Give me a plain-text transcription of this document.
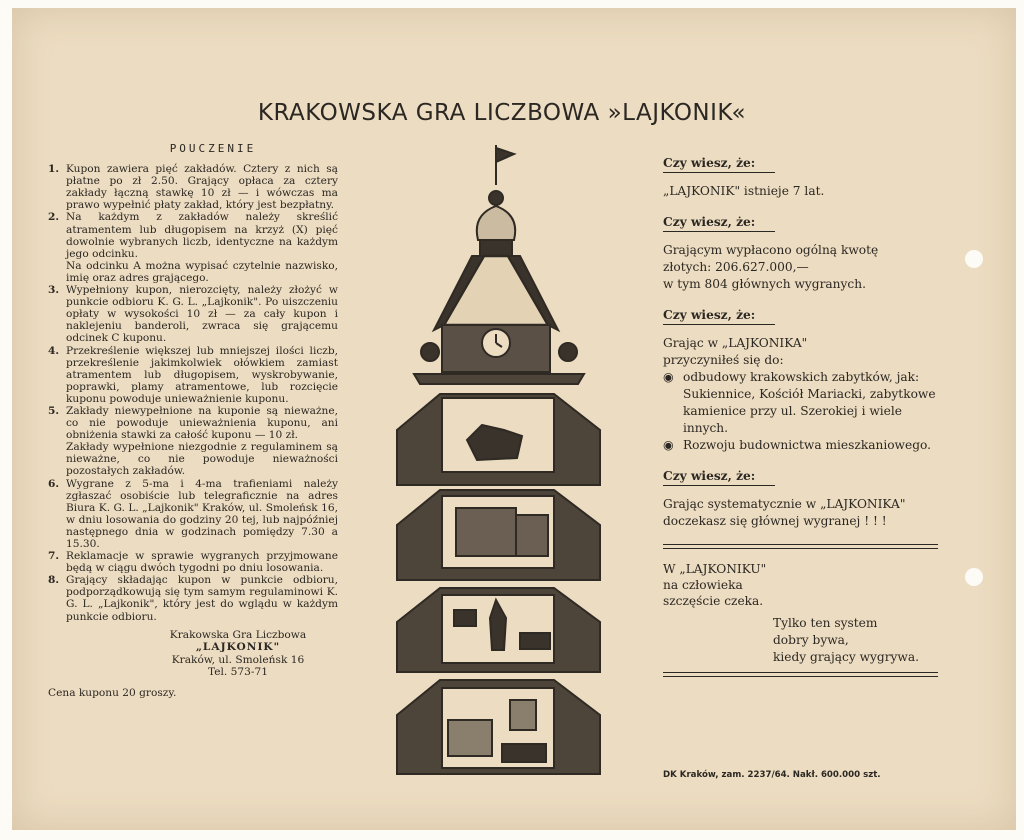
KRAKOWSKA GRA LICZBOWA »LAJKONIK«
POUCZENIE
1. Kupon zawiera pięć zakładów. Cztery z nich są płatne po zł 2.50. Grający opłaca za cztery zakłady łączną stawkę 10 zł — i wówczas ma prawo wypełnić płaty zakład, który jest bezpłatny.

2. Na każdym z zakładów należy skreślić atramentem lub długopisem na krzyż (X) pięć dowolnie wybranych liczb, identyczne na każdym jego odcinku.

Na odcinku A można wypisać czytelnie nazwisko, imię oraz adres grającego.

3. Wypełniony kupon, nierozcięty, należy złożyć w punkcie odbioru K. G. L. „Lajkonik". Po uiszczeniu opłaty w wysokości 10 zł — za cały kupon i naklejeniu banderoli, zwraca się grającemu odcinek C kuponu.

4. Przekreślenie większej lub mniejszej ilości liczb, przekreślenie jakimkolwiek ołówkiem zamiast atramentem lub długopisem, wyskrobywanie, poprawki, plamy atramentowe, lub rozcięcie kuponu powoduje unieważnienie kuponu.

5. Zakłady niewypełnione na kuponie są nieważne, co nie powoduje unieważnienia kuponu, ani obniżenia stawki za całość kuponu — 10 zł.

Zakłady wypełnione niezgodnie z regulaminem są nieważne, co nie powoduje nieważności pozostałych zakładów.

6. Wygrane z 5-ma i 4-ma trafieniami należy zgłaszać osobiście lub telegraficznie na adres Biura K. G. L. „Lajkonik" Kraków, ul. Smoleńsk 16, w dniu losowania do godziny 20 tej, lub najpóźniej następnego dnia w godzinach pomiędzy 7.30 a 15.30.

7. Reklamacje w sprawie wygranych przyjmowane będą w ciągu dwóch tygodni po dniu losowania.

8. Grający składając kupon w punkcie odbioru, podporządkowują się tym samym regulaminowi K. G. L. „Lajkonik", który jest do wglądu w każdym punkcie odbioru.

Krakowska Gra Liczbowa
„LAJKONIK"
Kraków, ul. Smoleńsk 16
Tel. 573-71
Cena kuponu 20 groszy.
Czy wiesz, że:
„LAJKONIK" istnieje 7 lat.
Czy wiesz, że:
Grającym wypłacono ogólną kwotę
złotych: 206.627.000,—
w tym 804 głównych wygranych.
Czy wiesz, że:
Grając w „LAJKONIKA"
przyczyniłeś się do:
◉ odbudowy krakowskich zabytków, jak: Sukiennice, Kościół Mariacki, zabytkowe kamienice przy ul. Szerokiej i wiele innych.
◉ Rozwoju budownictwa mieszkaniowego.
Czy wiesz, że:
Grając systematycznie w „LAJKONIKA"
doczekasz się głównej wygranej ! ! !
W „LAJKONIKU"
na człowieka
szczęście czeka.
Tylko ten system
dobry bywa,
kiedy grający wygrywa.
DK Kraków, zam. 2237/64. Nakł. 600.000 szt.
